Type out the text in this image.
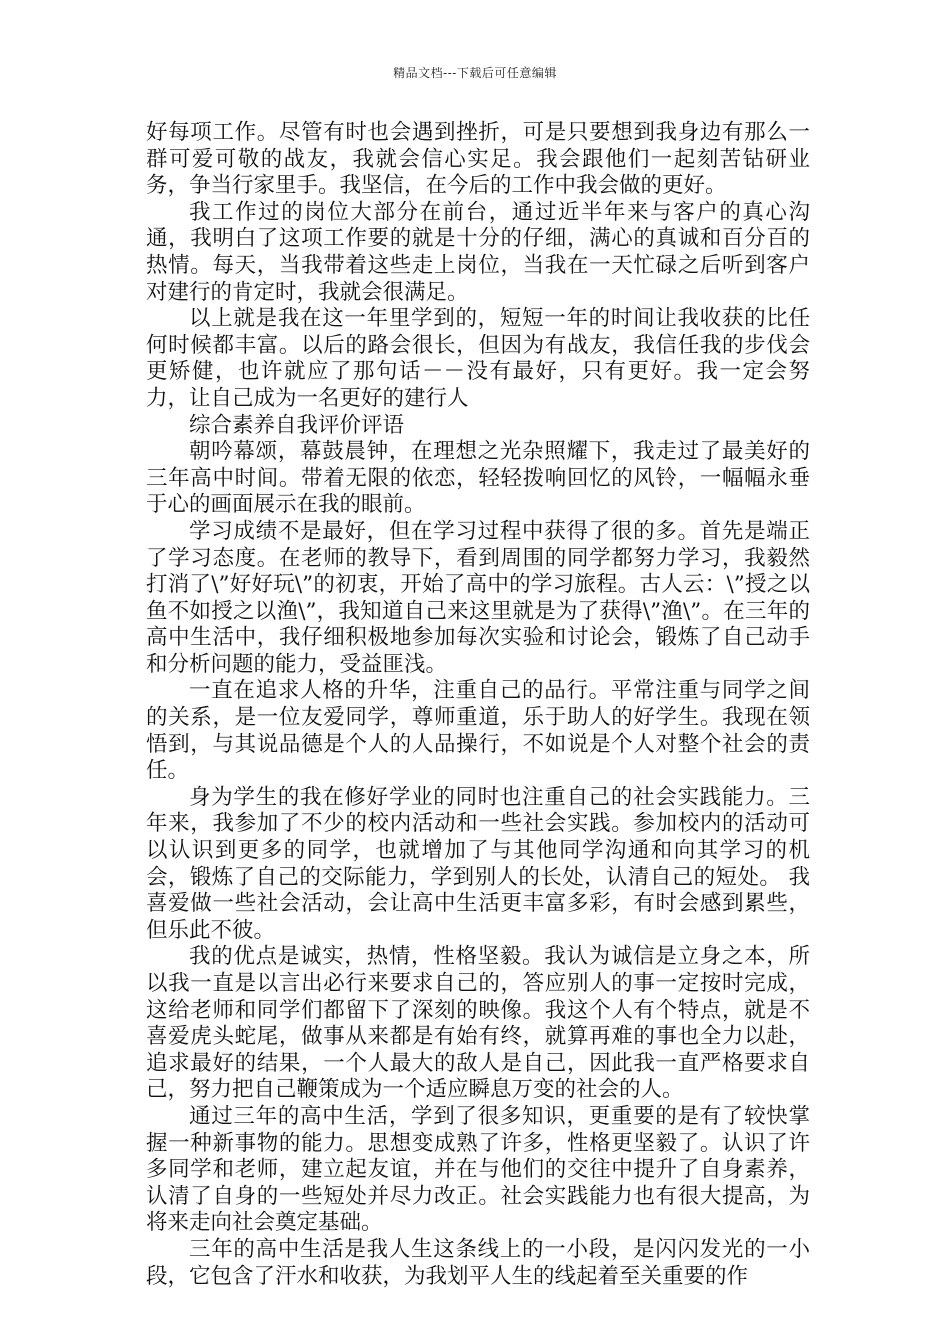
精品文档---下载后可任意编辑

好每项工作。尽管有时也会遇到挫折，可是只要想到我身边有那么一群可爱可敬的战友，我就会信心实足。我会跟他们一起刻苦钻研业务，争当行家里手。我坚信，在今后的工作中我会做的更好。

我工作过的岗位大部分在前台，通过近半年来与客户的真心沟通，我明白了这项工作要的就是十分的仔细，满心的真诚和百分百的热情。每天，当我带着这些走上岗位，当我在一天忙碌之后听到客户对建行的肯定时，我就会很满足。

以上就是我在这一年里学到的，短短一年的时间让我收获的比任何时候都丰富。以后的路会很长，但因为有战友，我信任我的步伐会更矫健，也许就应了那句话－－没有最好，只有更好。我一定会努力，让自己成为一名更好的建行人

综合素养自我评价评语

朝吟幕颂，幕鼓晨钟，在理想之光杂照耀下，我走过了最美好的三年高中时间。带着无限的依恋，轻轻拨响回忆的风铃，一幅幅永垂于心的画面展示在我的眼前。

学习成绩不是最好，但在学习过程中获得了很的多。首先是端正了学习态度。在老师的教导下，看到周围的同学都努力学习，我毅然打消了\”好好玩\”的初衷，开始了高中的学习旅程。古人云：\”授之以鱼不如授之以渔\”，我知道自己来这里就是为了获得\”渔\”。在三年的高中生活中，我仔细积极地参加每次实验和讨论会，锻炼了自己动手和分析问题的能力，受益匪浅。

一直在追求人格的升华，注重自己的品行。平常注重与同学之间的关系，是一位友爱同学，尊师重道，乐于助人的好学生。我现在领悟到，与其说品德是个人的人品操行，不如说是个人对整个社会的责任。

身为学生的我在修好学业的同时也注重自己的社会实践能力。三年来，我参加了不少的校内活动和一些社会实践。参加校内的活动可以认识到更多的同学，也就增加了与其他同学沟通和向其学习的机会，锻炼了自己的交际能力，学到别人的长处，认清自己的短处。 我喜爱做一些社会活动，会让高中生活更丰富多彩，有时会感到累些，但乐此不彼。

我的优点是诚实，热情，性格坚毅。我认为诚信是立身之本，所以我一直是以言出必行来要求自己的，答应别人的事一定按时完成，这给老师和同学们都留下了深刻的映像。我这个人有个特点，就是不喜爱虎头蛇尾，做事从来都是有始有终，就算再难的事也全力以赴，追求最好的结果，一个人最大的敌人是自己，因此我一直严格要求自己，努力把自己鞭策成为一个适应瞬息万变的社会的人。

通过三年的高中生活，学到了很多知识，更重要的是有了较快掌握一种新事物的能力。思想变成熟了许多，性格更坚毅了。认识了许多同学和老师，建立起友谊，并在与他们的交往中提升了自身素养，认清了自身的一些短处并尽力改正。社会实践能力也有很大提高，为将来走向社会奠定基础。

三年的高中生活是我人生这条线上的一小段，是闪闪发光的一小段，它包含了汗水和收获，为我划平人生的线起着至关重要的作
